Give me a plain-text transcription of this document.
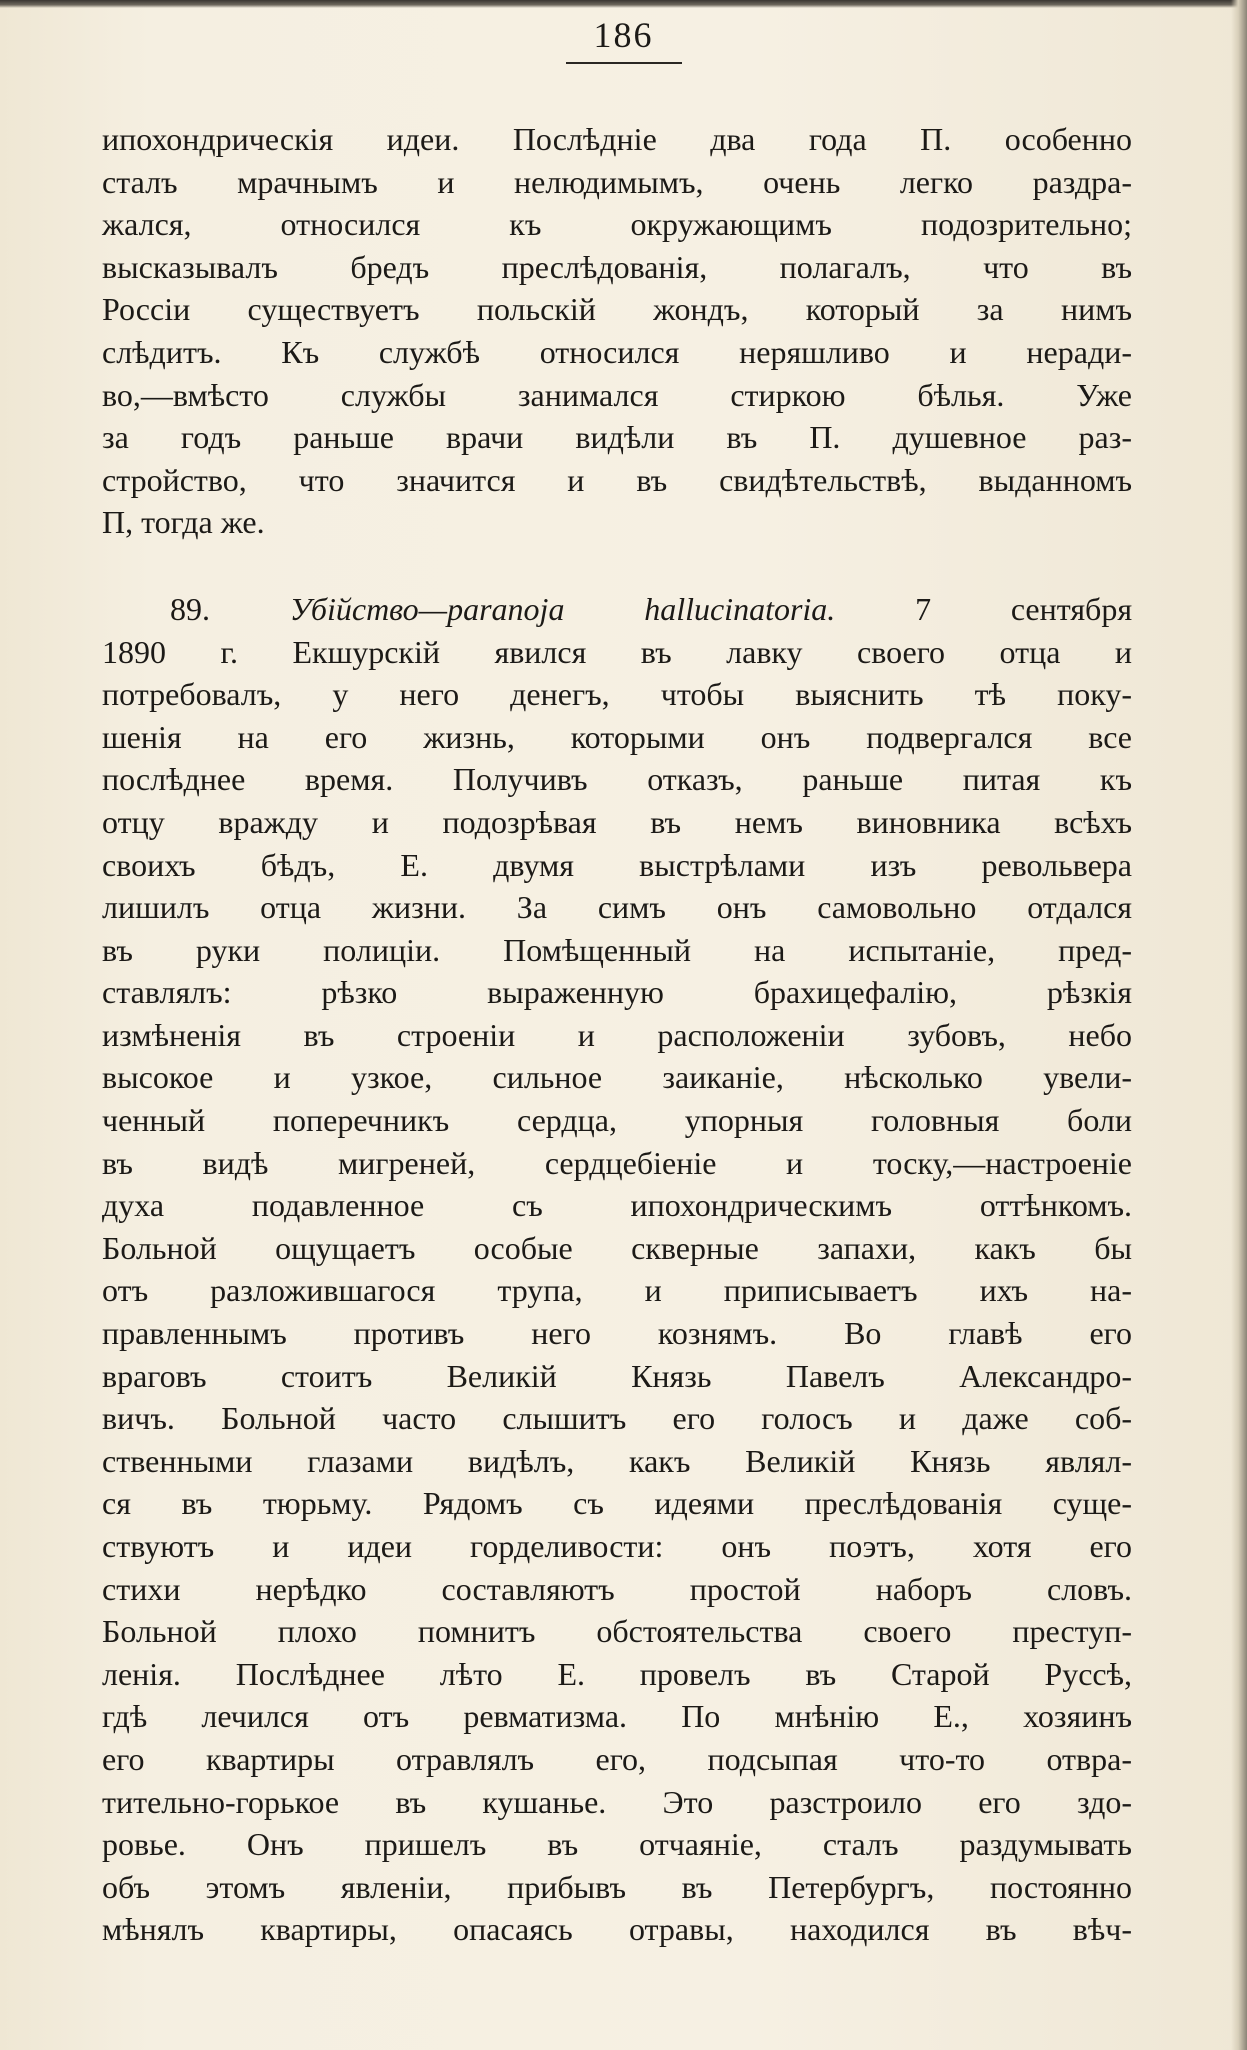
186
ипохондрическія идеи. Послѣдніе два года П. особенно
сталъ мрачнымъ и нелюдимымъ, очень легко раздра-
жался, относился къ окружающимъ подозрительно;
высказывалъ бредъ преслѣдованія, полагалъ, что въ
Россіи существуетъ польскій жондъ, который за нимъ
слѣдитъ. Къ службѣ относился неряшливо и неради-
во,—вмѣсто службы занимался стиркою бѣлья. Уже
за годъ раньше врачи видѣли въ П. душевное раз-
стройство, что значится и въ свидѣтельствѣ, выданномъ
П, тогда же.
89. Убійство—paranoja hallucinatoria. 7 сентября
1890 г. Екшурскій явился въ лавку своего отца и
потребовалъ, у него денегъ, чтобы выяснить тѣ поку-
шенія на его жизнь, которыми онъ подвергался все
послѣднее время. Получивъ отказъ, раньше питая къ
отцу вражду и подозрѣвая въ немъ виновника всѣхъ
своихъ бѣдъ, Е. двумя выстрѣлами изъ револьвера
лишилъ отца жизни. За симъ онъ самовольно отдался
въ руки полиціи. Помѣщенный на испытаніе, пред-
ставлялъ: рѣзко выраженную брахицефалію, рѣзкія
измѣненія въ строеніи и расположеніи зубовъ, небо
высокое и узкое, сильное заиканіе, нѣсколько увели-
ченный поперечникъ сердца, упорныя головныя боли
въ видѣ мигреней, сердцебіеніе и тоску,—настроеніе
духа подавленное съ ипохондрическимъ оттѣнкомъ.
Больной ощущаетъ особые скверные запахи, какъ бы
отъ разложившагося трупа, и приписываетъ ихъ на-
правленнымъ противъ него кознямъ. Во главѣ его
враговъ стоитъ Великій Князь Павелъ Александро-
вичъ. Больной часто слышитъ его голосъ и даже соб-
ственными глазами видѣлъ, какъ Великій Князь являл-
ся въ тюрьму. Рядомъ съ идеями преслѣдованія суще-
ствуютъ и идеи горделивости: онъ поэтъ, хотя его
стихи нерѣдко составляютъ простой наборъ словъ.
Больной плохо помнитъ обстоятельства своего преступ-
ленія. Послѣднее лѣто Е. провелъ въ Старой Руссѣ,
гдѣ лечился отъ ревматизма. По мнѣнію Е., хозяинъ
его квартиры отравлялъ его, подсыпая что-то отвра-
тительно-горькое въ кушанье. Это разстроило его здо-
ровье. Онъ пришелъ въ отчаяніе, сталъ раздумывать
объ этомъ явленіи, прибывъ въ Петербургъ, постоянно
мѣнялъ квартиры, опасаясь отравы, находился въ вѣч-
